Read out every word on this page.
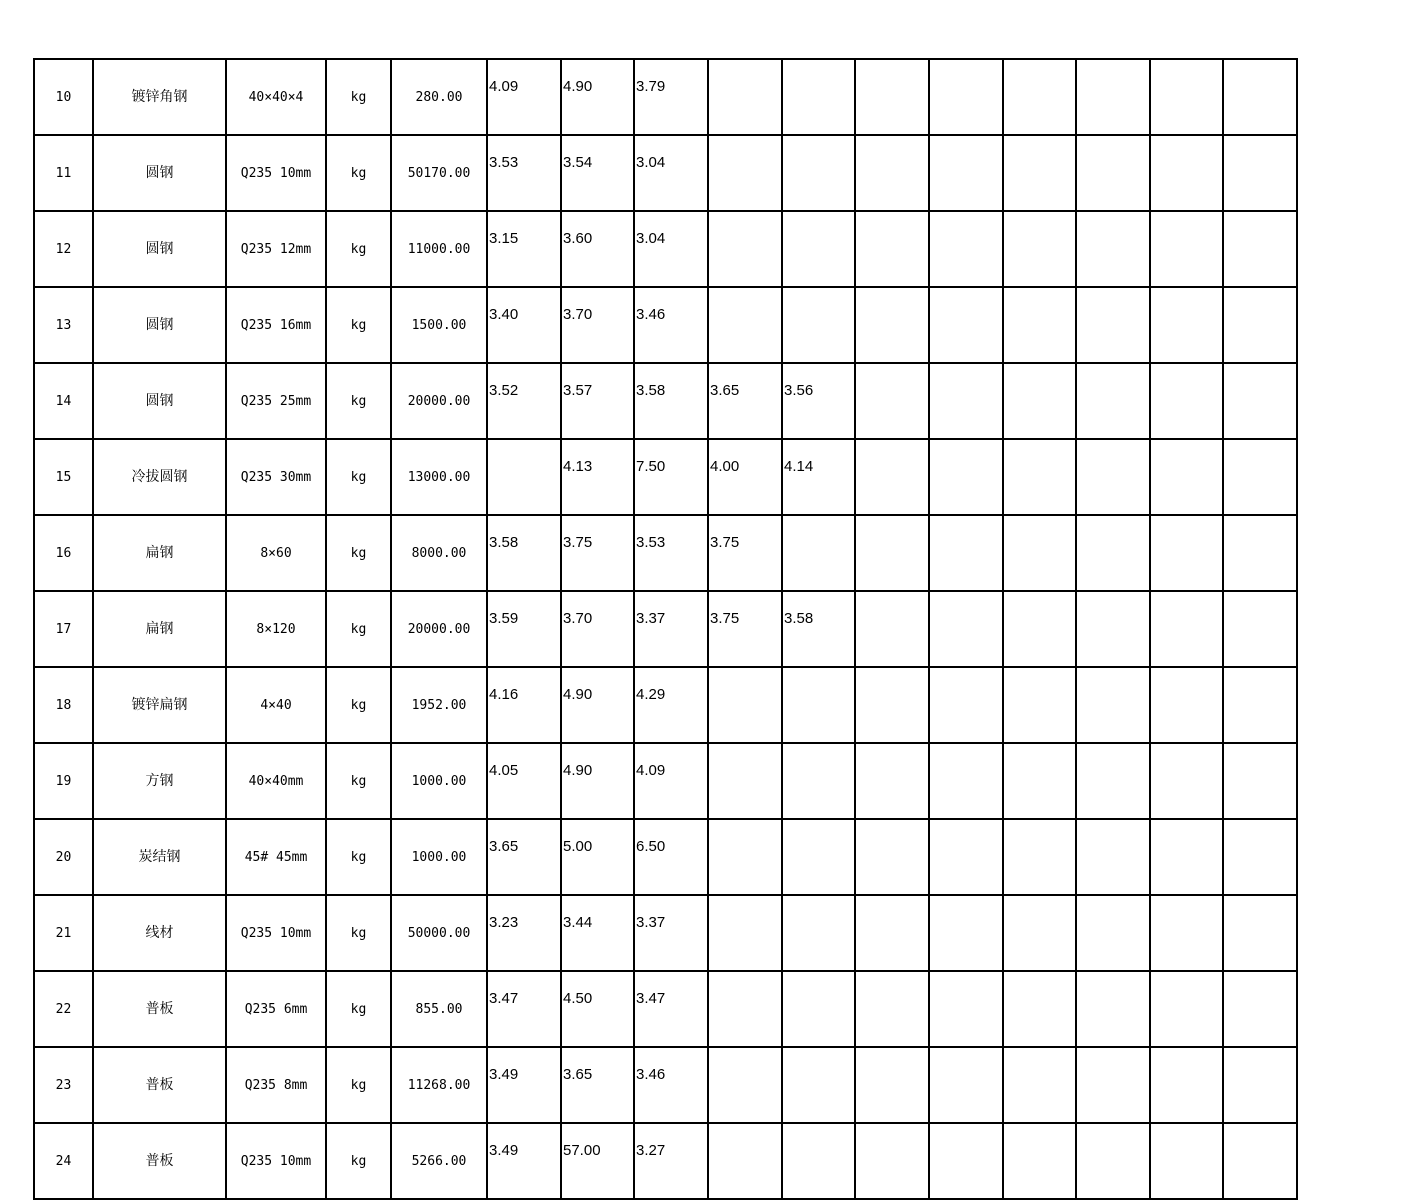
10	镀锌角钢	40×40×4	kg	280.00	4.09	4.90	3.79								
11	圆钢	Q235 10mm	kg	50170.00	3.53	3.54	3.04								
12	圆钢	Q235 12mm	kg	11000.00	3.15	3.60	3.04								
13	圆钢	Q235 16mm	kg	1500.00	3.40	3.70	3.46								
14	圆钢	Q235 25mm	kg	20000.00	3.52	3.57	3.58	3.65	3.56						
15	冷拔圆钢	Q235 30mm	kg	13000.00		4.13	7.50	4.00	4.14						
16	扁钢	8×60	kg	8000.00	3.58	3.75	3.53	3.75							
17	扁钢	8×120	kg	20000.00	3.59	3.70	3.37	3.75	3.58						
18	镀锌扁钢	4×40	kg	1952.00	4.16	4.90	4.29								
19	方钢	40×40mm	kg	1000.00	4.05	4.90	4.09								
20	炭结钢	45# 45mm	kg	1000.00	3.65	5.00	6.50								
21	线材	Q235 10mm	kg	50000.00	3.23	3.44	3.37								
22	普板	Q235 6mm	kg	855.00	3.47	4.50	3.47								
23	普板	Q235 8mm	kg	11268.00	3.49	3.65	3.46								
24	普板	Q235 10mm	kg	5266.00	3.49	57.00	3.27								
